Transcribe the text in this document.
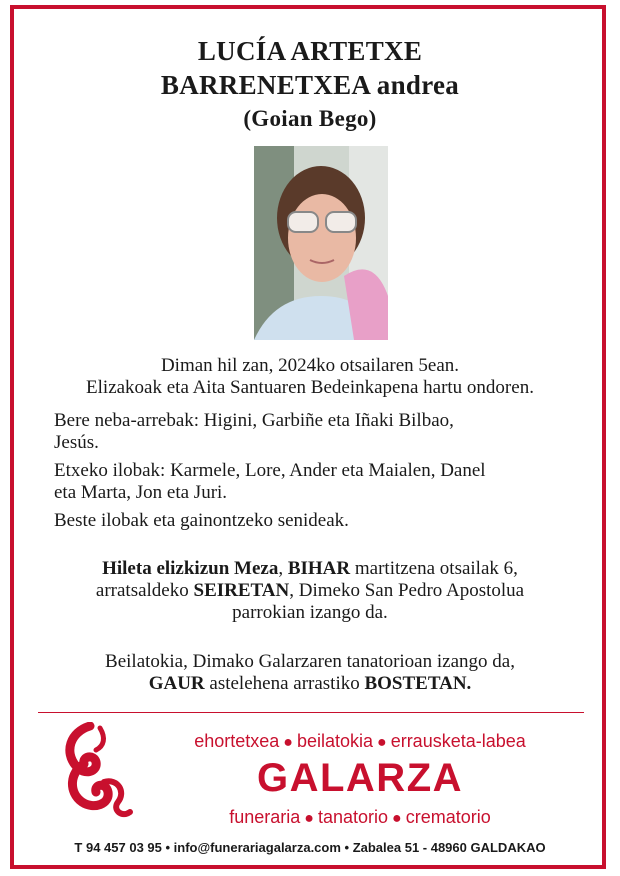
LUCÍA ARTETXE
BARRENETXEA andrea
(Goian Bego)
Diman hil zan, 2024ko otsailaren 5ean.
Elizakoak eta Aita Santuaren Bedeinkapena hartu ondoren.
Bere neba-arrebak: Higini, Garbiñe eta Iñaki Bilbao,
Jesús.
Etxeko ilobak: Karmele, Lore, Ander eta Maialen, Danel
eta Marta, Jon eta Juri.
Beste ilobak eta gainontzeko senideak.
Hileta elizkizun Meza, BIHAR martitzena otsailak 6,
arratsaldeko SEIRETAN, Dimeko San Pedro Apostolua
parrokian izango da.
Beilatokia, Dimako Galarzaren tanatorioan izango da,
GAUR astelehena arrastiko BOSTETAN.
ehortetxea ● beilatokia ● errausketa-labea
GALARZA
funeraria ● tanatorio ● crematorio
T 94 457 03 95 • info@funerariagalarza.com • Zabalea 51 - 48960 GALDAKAO
